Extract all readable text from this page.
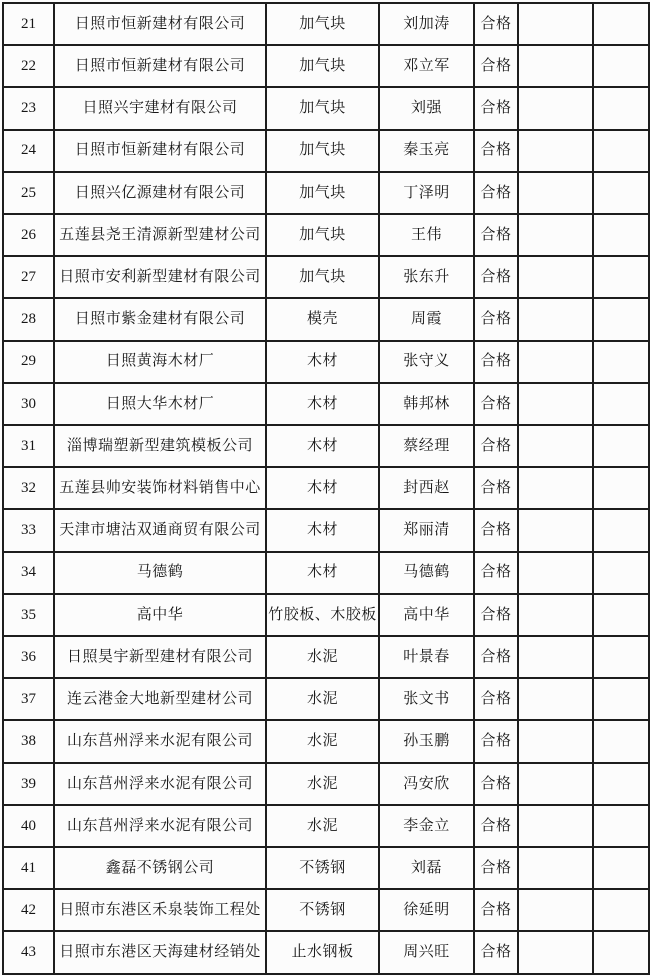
21	日照市恒新建材有限公司	加气块	刘加涛	合格		
22	日照市恒新建材有限公司	加气块	邓立军	合格		
23	日照兴宇建材有限公司	加气块	刘强	合格		
24	日照市恒新建材有限公司	加气块	秦玉亮	合格		
25	日照兴亿源建材有限公司	加气块	丁泽明	合格		
26	五莲县尧王清源新型建材公司	加气块	王伟	合格		
27	日照市安利新型建材有限公司	加气块	张东升	合格		
28	日照市紫金建材有限公司	模壳	周霞	合格		
29	日照黄海木材厂	木材	张守义	合格		
30	日照大华木材厂	木材	韩邦林	合格		
31	淄博瑞塑新型建筑模板公司	木材	蔡经理	合格		
32	五莲县帅安装饰材料销售中心	木材	封西赵	合格		
33	天津市塘沽双通商贸有限公司	木材	郑丽清	合格		
34	马德鹤	木材	马德鹤	合格		
35	高中华	竹胶板、木胶板	高中华	合格		
36	日照昊宇新型建材有限公司	水泥	叶景春	合格		
37	连云港金大地新型建材公司	水泥	张文书	合格		
38	山东莒州浮来水泥有限公司	水泥	孙玉鹏	合格		
39	山东莒州浮来水泥有限公司	水泥	冯安欣	合格		
40	山东莒州浮来水泥有限公司	水泥	李金立	合格		
41	鑫磊不锈钢公司	不锈钢	刘磊	合格		
42	日照市东港区禾泉装饰工程处	不锈钢	徐延明	合格		
43	日照市东港区天海建材经销处	止水钢板	周兴旺	合格		
